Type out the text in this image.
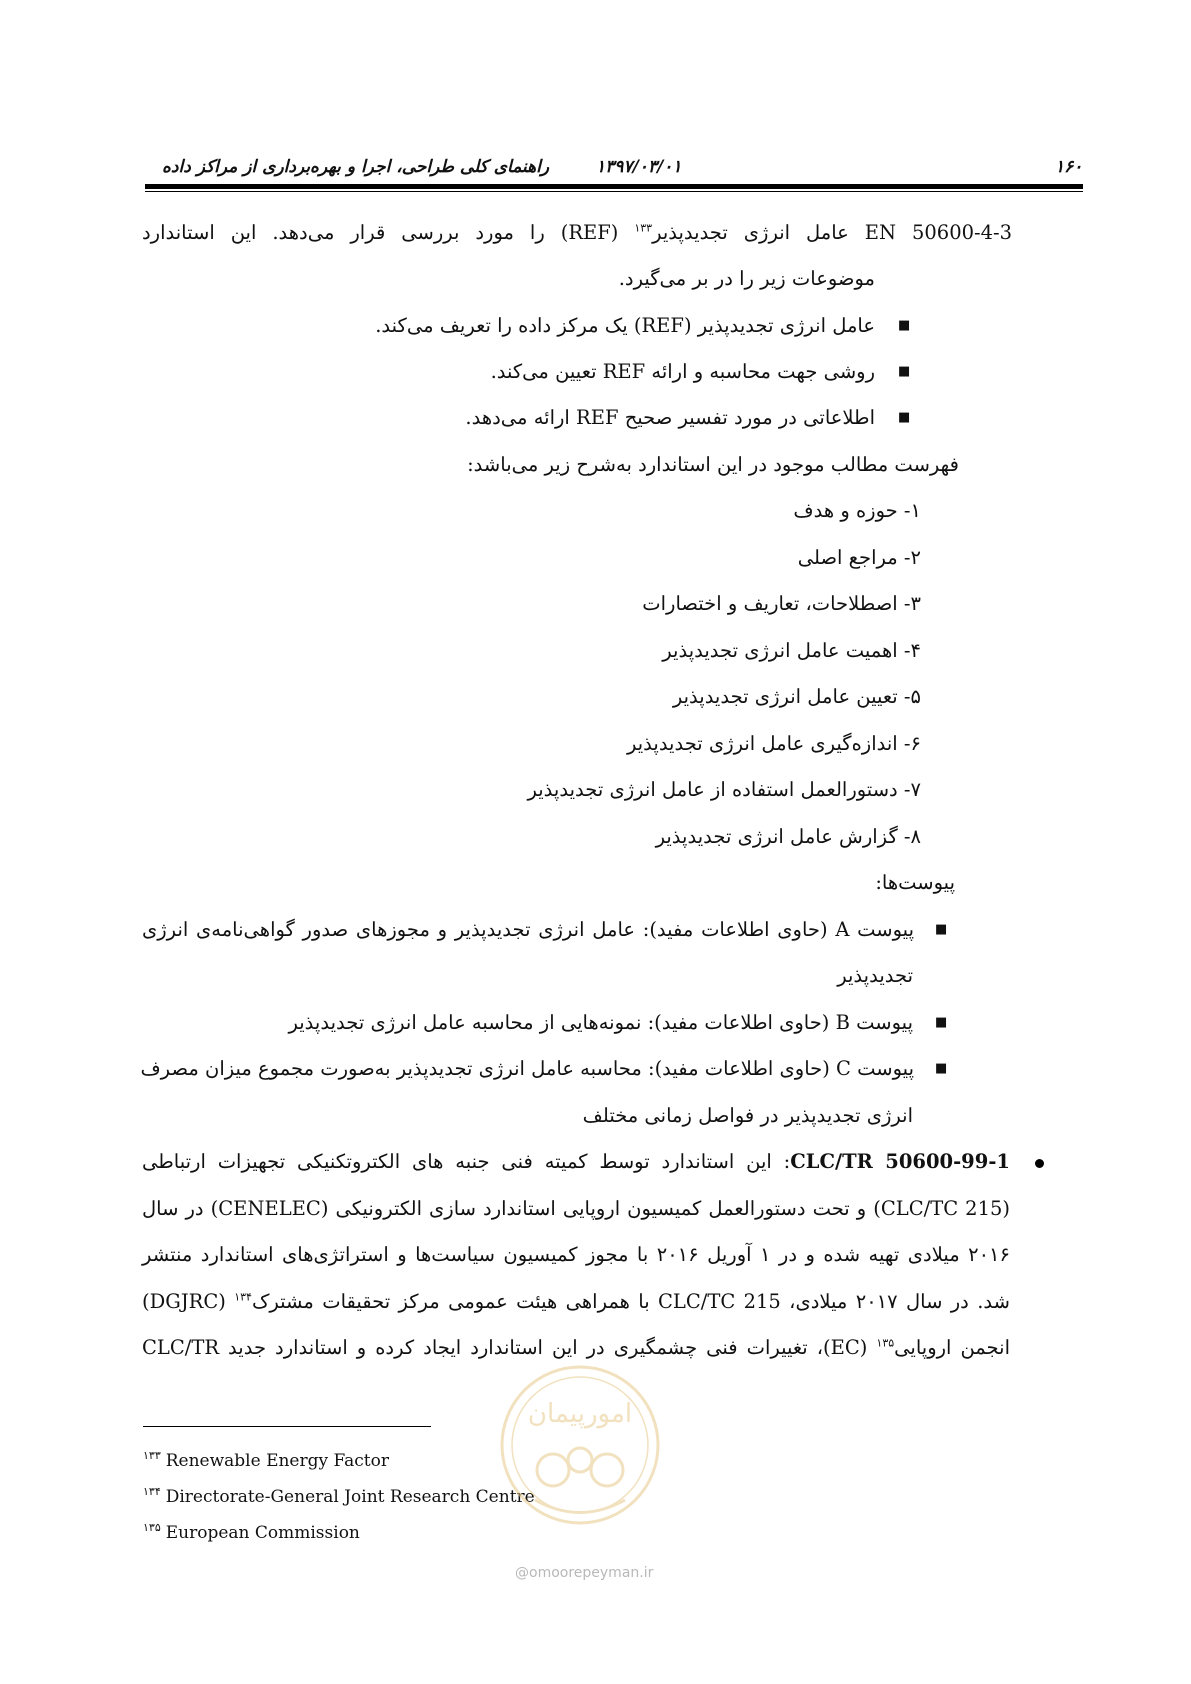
۱۶۰
۱۳۹۷/۰۳/۰۱
راهنمای کلی طراحی، اجرا و بهره‌برداری از مراکز داده
EN 50600-4-3 عامل انرژی تجدیدپذیر$^{۱۳۳}$ (REF) را مورد بررسی قرار می‌دهد. این استاندارد
موضوعات زیر را در بر می‌گیرد.
■
عامل انرژی تجدیدپذیر (REF) یک مرکز داده را تعریف می‌کند.
■
روشی جهت محاسبه و ارائه REF تعیین می‌کند.
■
اطلاعاتی در مورد تفسیر صحیح REF ارائه می‌دهد.
فهرست مطالب موجود در این استاندارد به‌شرح زیر می‌باشد:
۱- حوزه و هدف
۲- مراجع اصلی
۳- اصطلاحات، تعاریف و اختصارات
۴- اهمیت عامل انرژی تجدیدپذیر
۵- تعیین عامل انرژی تجدیدپذیر
۶- اندازه‌گیری عامل انرژی تجدیدپذیر
۷- دستورالعمل استفاده از عامل انرژی تجدیدپذیر
۸- گزارش عامل انرژی تجدیدپذیر
پیوست‌ها:
■
پیوست A (حاوی اطلاعات مفید): عامل انرژی تجدیدپذیر و مجوزهای صدور گواهی‌نامه‌ی انرژی
تجدیدپذیر
■
پیوست B (حاوی اطلاعات مفید): نمونه‌هایی از محاسبه عامل انرژی تجدیدپذیر
■
پیوست C (حاوی اطلاعات مفید): محاسبه عامل انرژی تجدیدپذیر به‌صورت مجموع میزان مصرف
انرژی تجدیدپذیر در فواصل زمانی مختلف
CLC/TR 50600-99-1: این استاندارد توسط کمیته فنی جنبه های الکتروتکنیکی تجهیزات ارتباطی
(CLC/TC 215) و تحت دستورالعمل کمیسیون اروپایی استاندارد سازی الکترونیکی (CENELEC) در سال
۲۰۱۶ میلادی تهیه شده و در ۱ آوریل ۲۰۱۶ با مجوز کمیسیون سیاست‌ها و استراتژی‌های استاندارد منتشر
شد. در سال ۲۰۱۷ میلادی، CLC/TC 215 با همراهی هیئت عمومی مرکز تحقیقات مشترک$^{۱۳۴}$ (DGJRC)
انجمن اروپایی$^{۱۳۵}$ (EC)، تغییرات فنی چشمگیری در این استاندارد ایجاد کرده و استاندارد جدید CLC/TR
$^{۱۳۳}$ Renewable Energy Factor
$^{۱۳۴}$ Directorate-General Joint Research Centre
$^{۱۳۵}$ European Commission
امورپیمان
@omoorepeyman.ir
